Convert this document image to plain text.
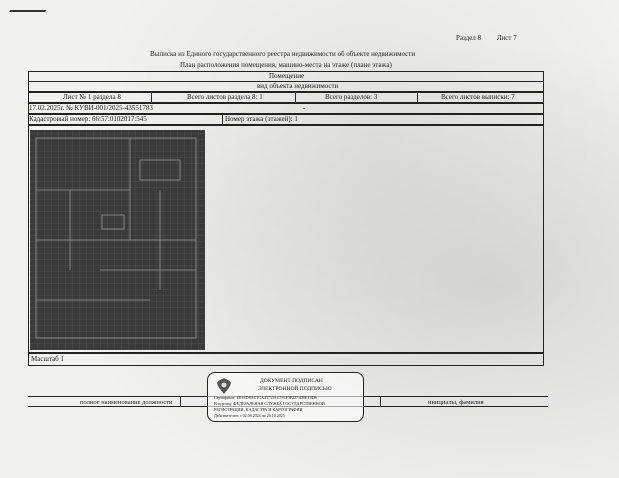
Раздел 8 Лист 7
Выписка из Единого государственного реестра недвижимости об объекте недвижимости
План расположения помещения, машино-места на этаже (плане этажа)
Помещение
вид объекта недвижимости
Лист № 1 раздела 8	Всего листов раздела 8: 1	Всего разделов: 3	Всего листов выписки: 7
17.02.2025г. № КУВИ-001/2025-43551783	-
Кадастровый номер: 66:57:0102017:545	Номер этажа (этажей): 1
Масштаб 1
полное наименование должности	инициалы, фамилия
ДОКУМЕНТ ПОДПИСАН
ЭЛЕКТРОННОЙ ПОДПИСЬЮ
Сертификат: 2D1ED8AC1CA43733AC7F1F3F2271D8ET0D6
Владелец: ФЕДЕРАЛЬНАЯ СЛУЖБА ГОСУДАРСТВЕННОЙ
РЕГИСТРАЦИИ, КАДАСТРА И КАРТОГРАФИИ
Действителен: с 02.08.2024 по 26.10.2025
